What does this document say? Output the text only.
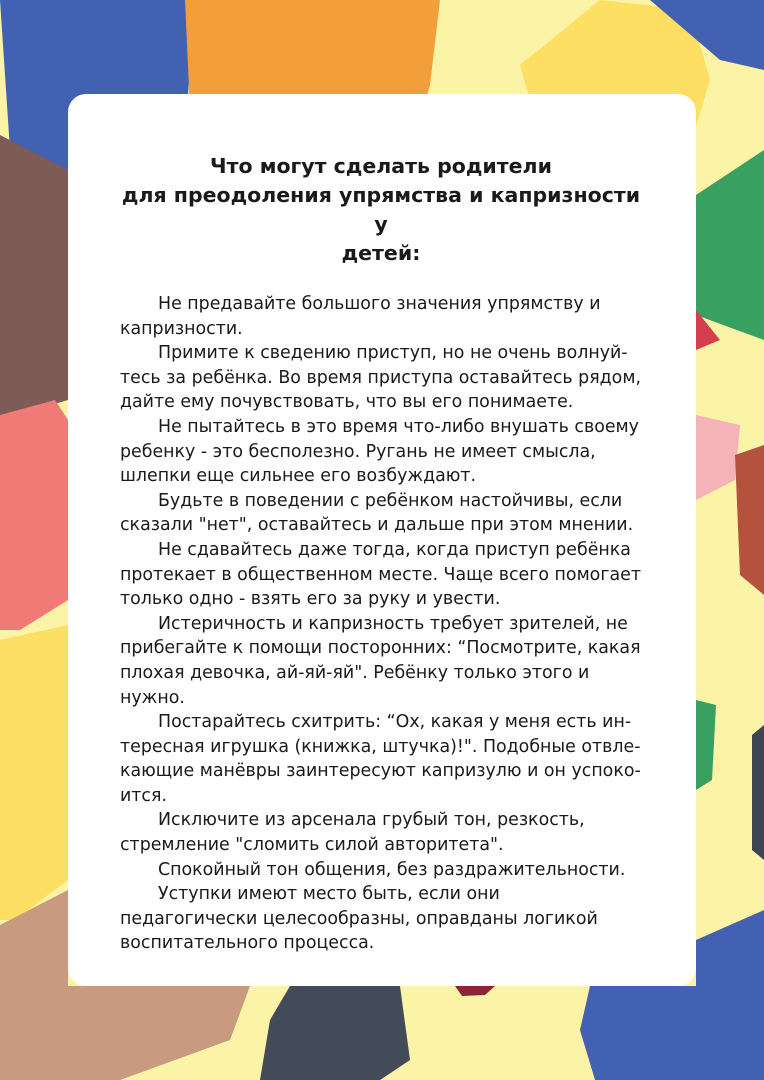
Что могут сделать родители
для преодоления упрямства и капризности у
детей:

Не предавайте большого значения упрямству и капризности.

Примите к сведению приступ, но не очень волнуй-тесь за ребёнка. Во время приступа оставайтесь рядом, дайте ему почувствовать, что вы его понимаете.

Не пытайтесь в это время что-либо внушать своему ребенку - это бесполезно. Ругань не имеет смысла, шлепки еще сильнее его возбуждают.

Будьте в поведении с ребёнком настойчивы, если сказали "нет", оставайтесь и дальше при этом мнении.

Не сдавайтесь даже тогда, когда приступ ребёнка протекает в общественном месте. Чаще всего помогает только одно - взять его за руку и увести.

Истеричность и капризность требует зрителей, не прибегайте к помощи посторонних: “Посмотрите, какая плохая девочка, ай-яй-яй". Ребёнку только этого и нужно.

Постарайтесь схитрить: “Ох, какая у меня есть ин-тересная игрушка (книжка, штучка)!". Подобные отвле-кающие манёвры заинтересуют капризулю и он успоко-ится.

Исключите из арсенала грубый тон, резкость, стремление "сломить силой авторитета".

Спокойный тон общения, без раздражительности.

Уступки имеют место быть, если они педагогически целесообразны, оправданы логикой воспитательного процесса.
